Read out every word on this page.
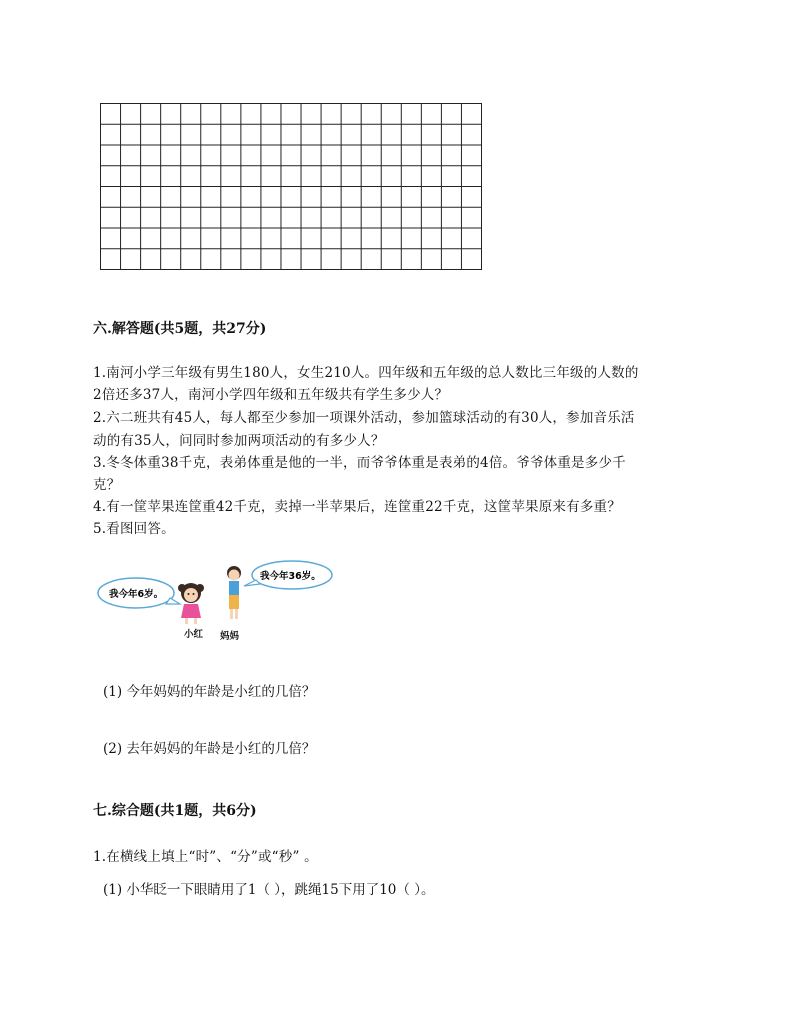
六.解答题(共5题，共27分)
1.南河小学三年级有男生180人，女生210人。四年级和五年级的总人数比三年级的人数的
2倍还多37人，南河小学四年级和五年级共有学生多少人？
2.六二班共有45人，每人都至少参加一项课外活动，参加篮球活动的有30人，参加音乐活
动的有35人，问同时参加两项活动的有多少人？
3.冬冬体重38千克，表弟体重是他的一半，而爷爷体重是表弟的4倍。爷爷体重是多少千
克？
4.有一筐苹果连筐重42千克，卖掉一半苹果后，连筐重22千克，这筐苹果原来有多重？
5.看图回答。
我今年6岁。
我今年36岁。
小红 妈妈
(1) 今年妈妈的年龄是小红的几倍？
(2) 去年妈妈的年龄是小红的几倍？
七.综合题(共1题，共6分)
1.在横线上填上“时”、“分”或“秒” 。
(1) 小华眨一下眼睛用了1（ ），跳绳15下用了10（ ）。
